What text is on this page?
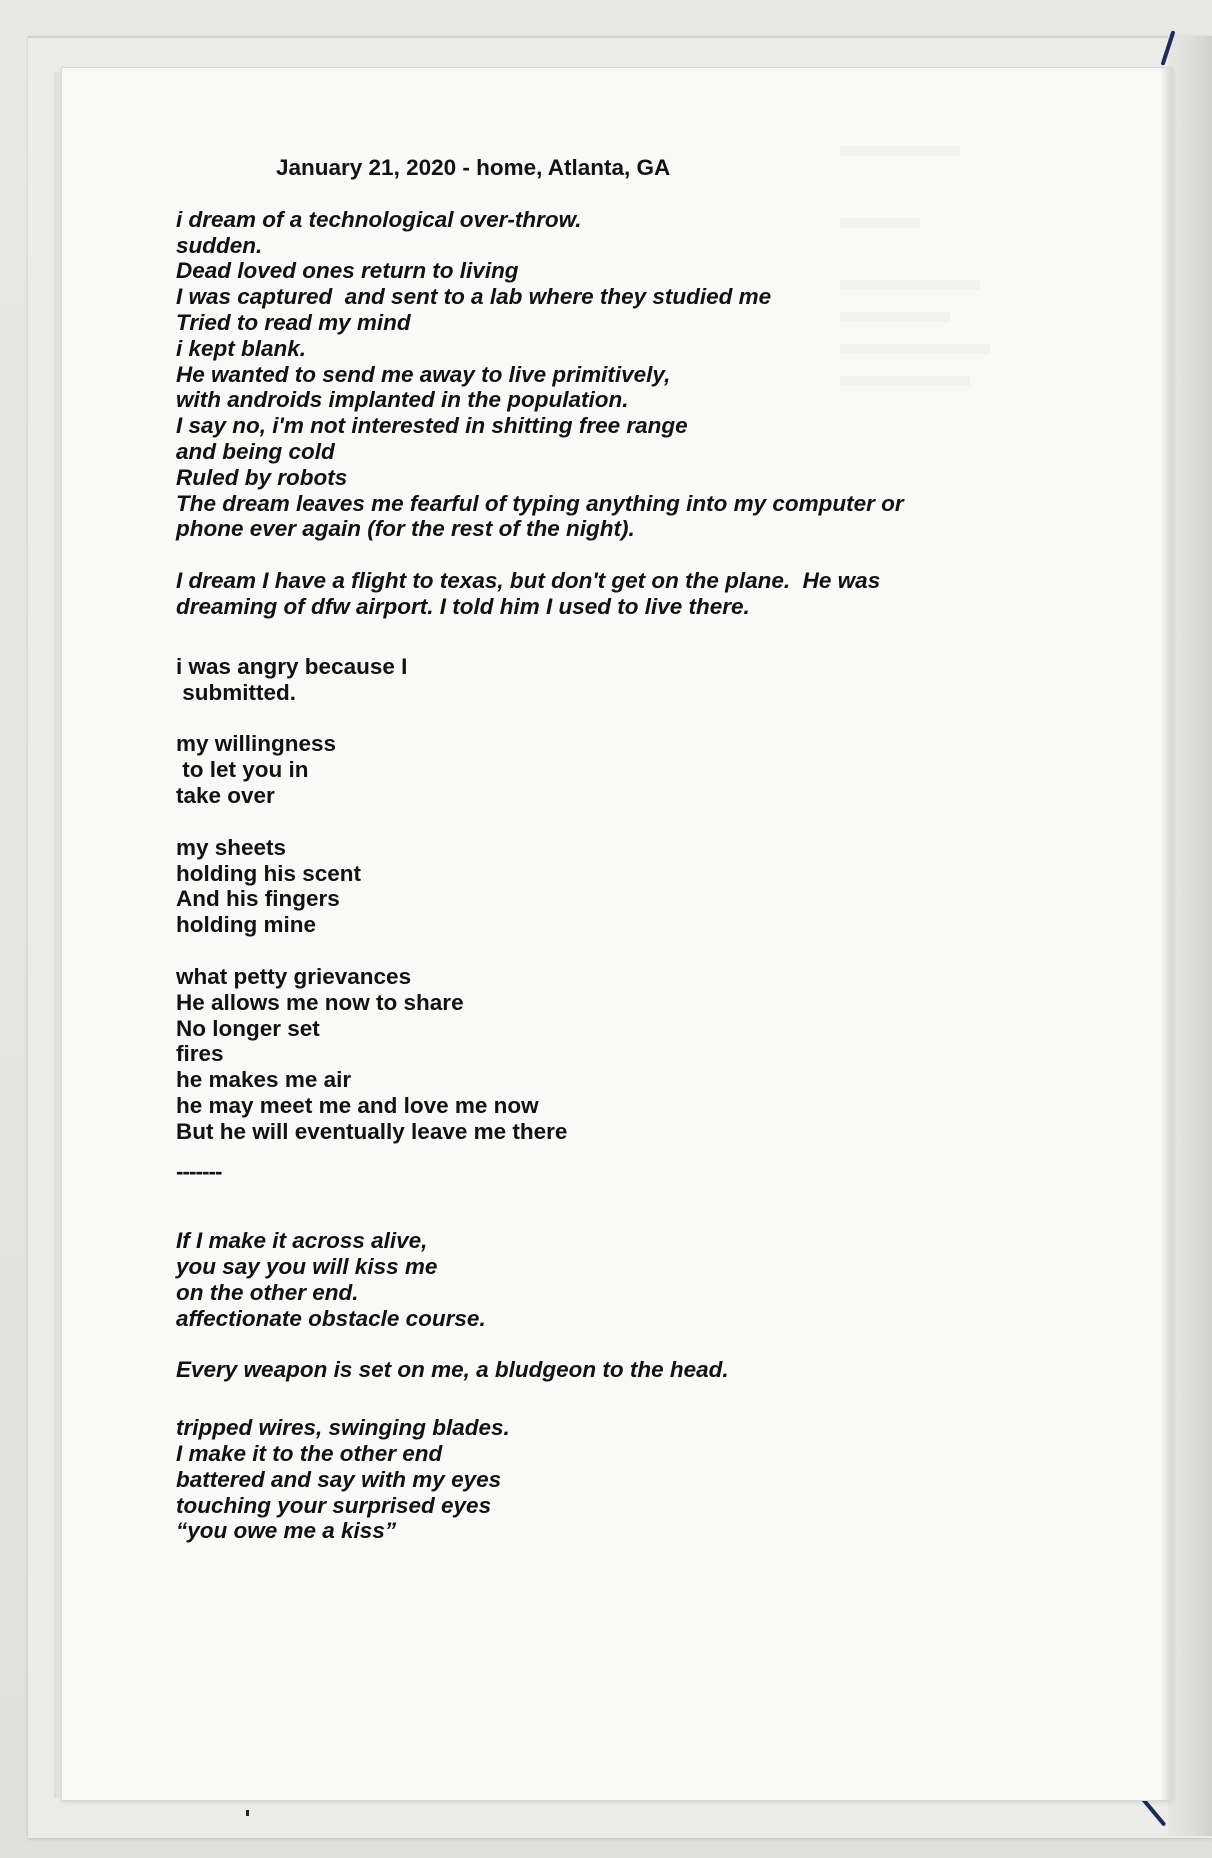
January 21, 2020 - home, Atlanta, GA
i dream of a technological over-throw.
sudden.
Dead loved ones return to living
I was captured  and sent to a lab where they studied me
Tried to read my mind
i kept blank.
He wanted to send me away to live primitively,
with androids implanted in the population.
I say no, i'm not interested in shitting free range
and being cold
Ruled by robots
The dream leaves me fearful of typing anything into my computer or
phone ever again (for the rest of the night).
I dream I have a flight to texas, but don't get on the plane.  He was
dreaming of dfw airport. I told him I used to live there.
i was angry because I
submitted.
my willingness
to let you in
take over
my sheets
holding his scent
And his fingers
holding mine
what petty grievances
He allows me now to share
No longer set
fires
he makes me air
he may meet me and love me now
But he will eventually leave me there
-------
If I make it across alive,
you say you will kiss me
on the other end.
affectionate obstacle course.
Every weapon is set on me, a bludgeon to the head.
tripped wires, swinging blades.
I make it to the other end
battered and say with my eyes
touching your surprised eyes
“you owe me a kiss”
